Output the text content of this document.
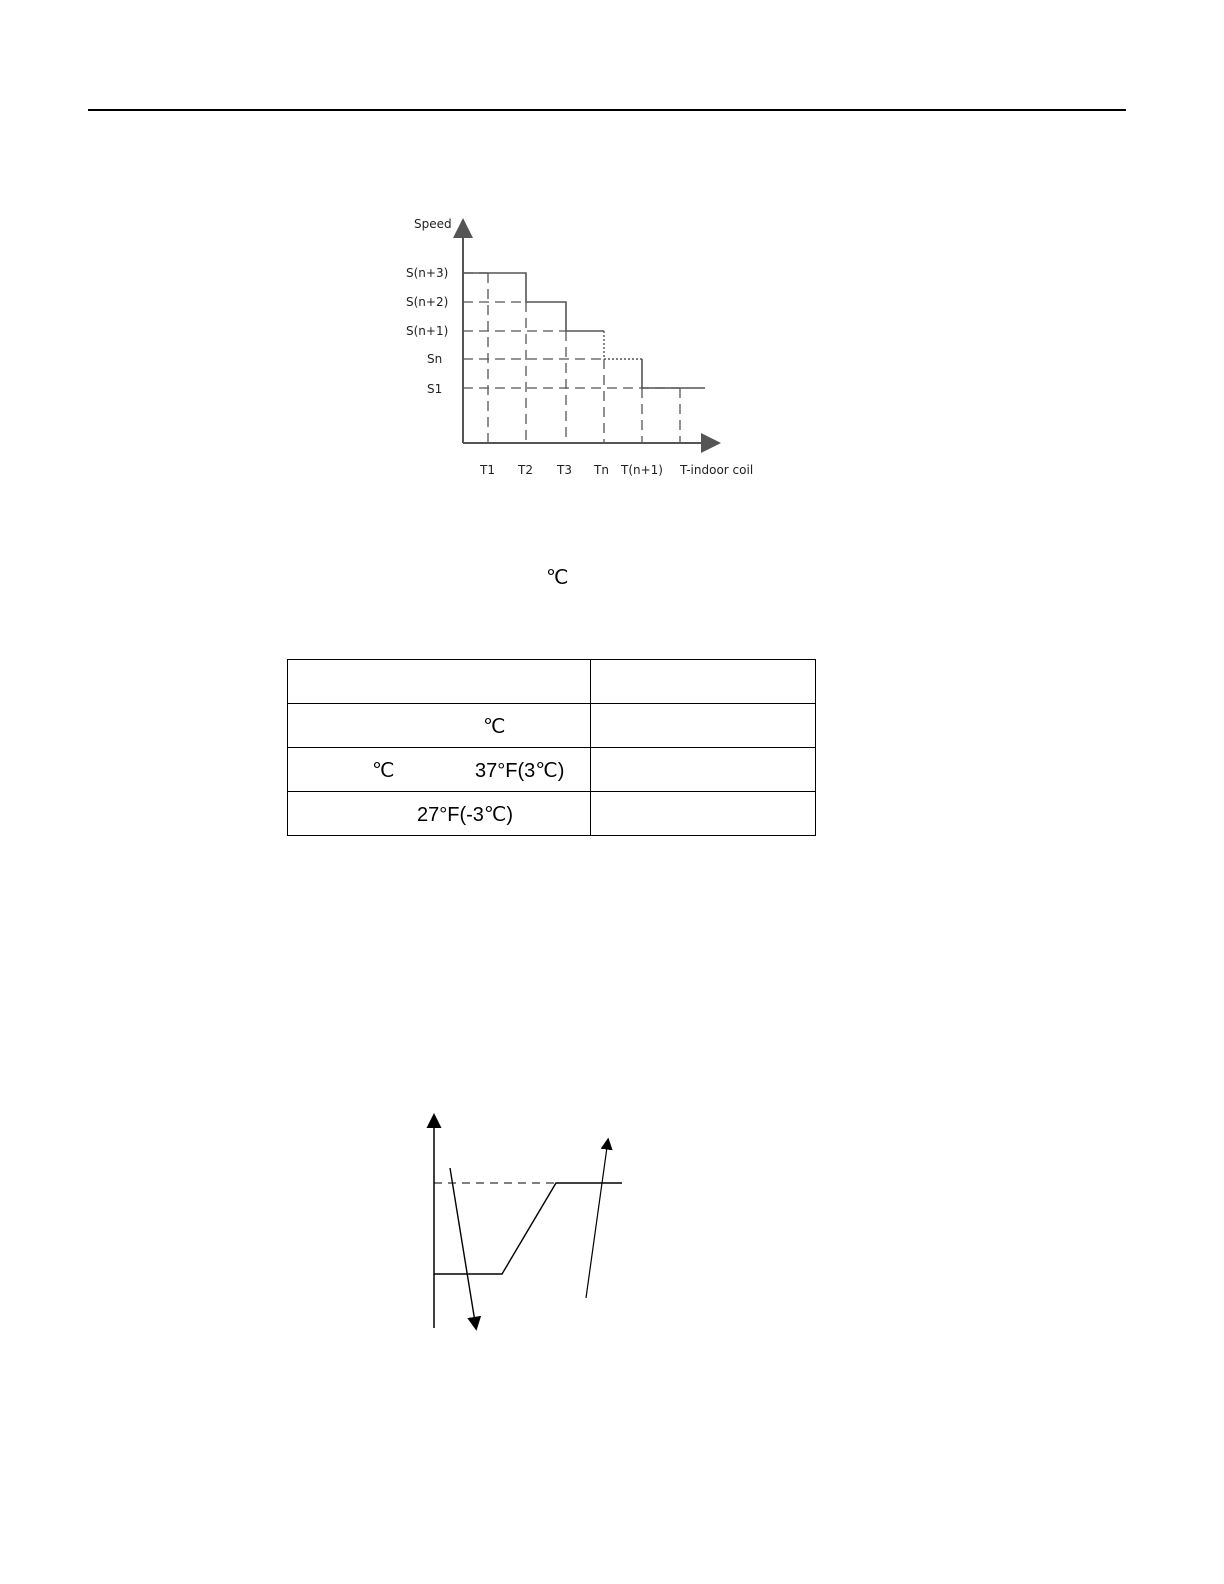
Speed
S(n+3)
S(n+2)
S(n+1)
Sn
S1
T1 T2 T3 Tn T(n+1) T-indoor coil
℃

℃	

℃ 37°F(3℃)	

27°F(-3℃)	
